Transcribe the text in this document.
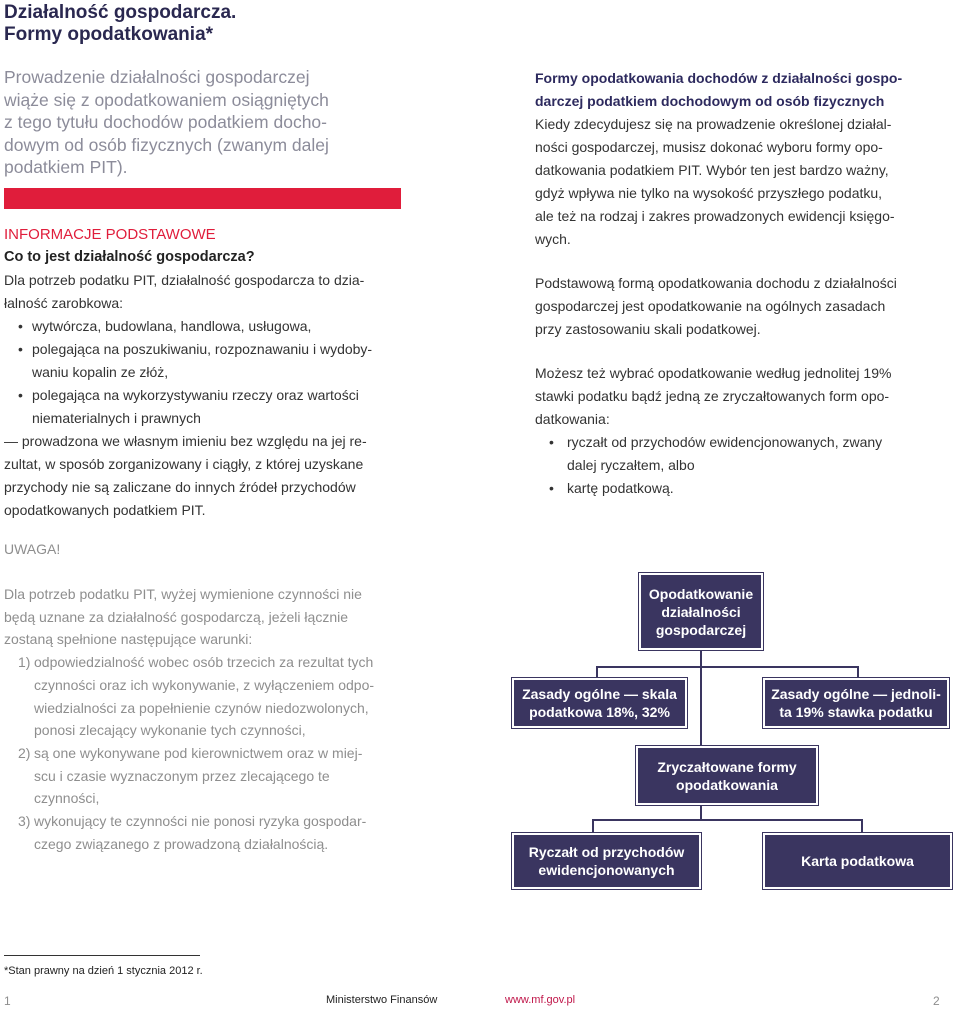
Działalność gospodarcza.
Formy opodatkowania*
Prowadzenie działalności gospodarczej
wiąże się z opodatkowaniem osiągniętych
z tego tytułu dochodów podatkiem docho-
dowym od osób fizycznych (zwanym dalej
podatkiem PIT).
INFORMACJE PODSTAWOWE
Co to jest działalność gospodarcza?
Dla potrzeb podatku PIT, działalność gospodarcza to dzia-
łalność zarobkowa:
• wytwórcza, budowlana, handlowa, usługowa,
• polegająca na poszukiwaniu, rozpoznawaniu i wydoby-
waniu kopalin ze złóż,
• polegająca na wykorzystywaniu rzeczy oraz wartości
niematerialnych i prawnych
— prowadzona we własnym imieniu bez względu na jej re-
zultat, w sposób zorganizowany i ciągły, z której uzyskane
przychody nie są zaliczane do innych źródeł przychodów
opodatkowanych podatkiem PIT.
Formy opodatkowania dochodów z działalności gospo-
darczej podatkiem dochodowym od osób fizycznych
Kiedy zdecydujesz się na prowadzenie określonej działal-
ności gospodarczej, musisz dokonać wyboru formy opo-
datkowania podatkiem PIT. Wybór ten jest bardzo ważny,
gdyż wpływa nie tylko na wysokość przyszłego podatku,
ale też na rodzaj i zakres prowadzonych ewidencji księgo-
wych.
Podstawową formą opodatkowania dochodu z działalności
gospodarczej jest opodatkowanie na ogólnych zasadach
przy zastosowaniu skali podatkowej.
Możesz też wybrać opodatkowanie według jednolitej 19%
stawki podatku bądź jedną ze zryczałtowanych form opo-
datkowania:
• ryczałt od przychodów ewidencjonowanych, zwany
dalej ryczałtem, albo
• kartę podatkową.
UWAGA!
Dla potrzeb podatku PIT, wyżej wymienione czynności nie
będą uznane za działalność gospodarczą, jeżeli łącznie
zostaną spełnione następujące warunki:
1) odpowiedzialność wobec osób trzecich za rezultat tych
czynności oraz ich wykonywanie, z wyłączeniem odpo-
wiedzialności za popełnienie czynów niedozwolonych,
ponosi zlecający wykonanie tych czynności,
2) są one wykonywane pod kierownictwem oraz w miej-
scu i czasie wyznaczonym przez zlecającego te
czynności,
3) wykonujący te czynności nie ponosi ryzyka gospodar-
czego związanego z prowadzoną działalnością.
Opodatkowanie
działalności
gospodarczej
Zasady ogólne — skala
podatkowa 18%, 32%
Zasady ogólne — jednoli-
ta 19% stawka podatku
Zryczałtowane formy
opodatkowania
Ryczałt od przychodów
ewidencjonowanych
Karta podatkowa
*Stan prawny na dzień 1 stycznia 2012 r.
1	Ministerstwo Finansów	www.mf.gov.pl	2
